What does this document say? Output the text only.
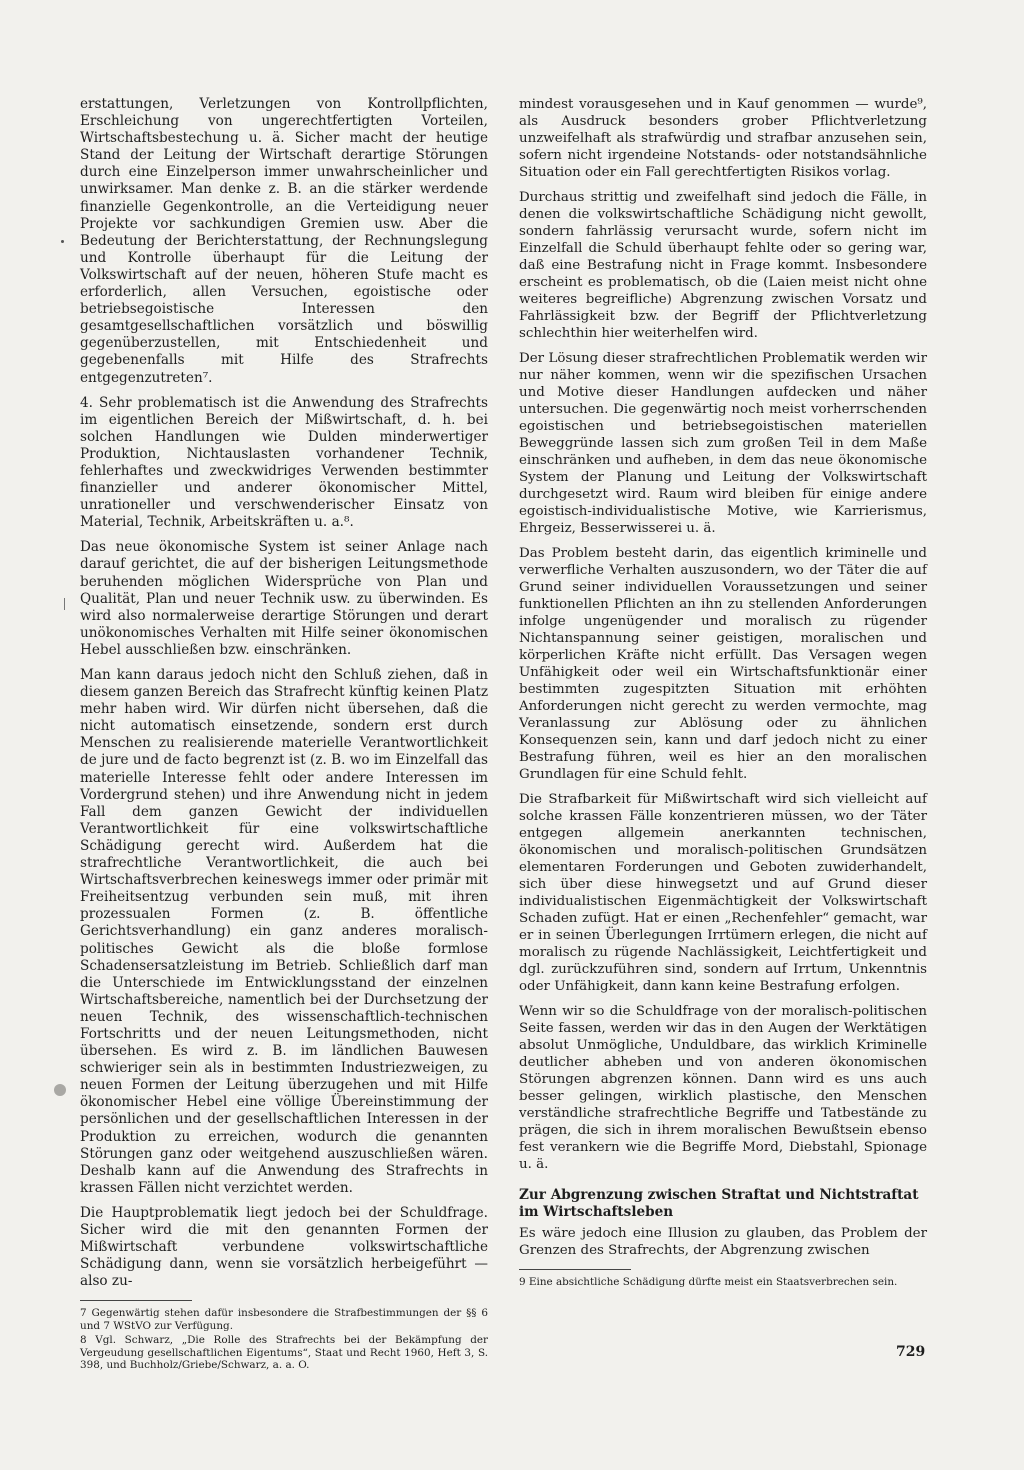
erstattungen, Verletzungen von Kontrollpflichten, Erschleichung von ungerechtfertigten Vorteilen, Wirtschaftsbestechung u. ä. Sicher macht der heutige Stand der Leitung der Wirtschaft derartige Störungen durch eine Einzelperson immer unwahrscheinlicher und unwirksamer. Man denke z. B. an die stärker werdende finanzielle Gegenkontrolle, an die Verteidigung neuer Projekte vor sachkundigen Gremien usw. Aber die Bedeutung der Berichterstattung, der Rechnungslegung und Kontrolle überhaupt für die Leitung der Volkswirtschaft auf der neuen, höheren Stufe macht es erforderlich, allen Versuchen, egoistische oder betriebsegoistische Interessen den gesamtgesellschaftlichen vorsätzlich und böswillig gegenüberzustellen, mit Entschiedenheit und gegebenenfalls mit Hilfe des Strafrechts entgegenzutreten⁷.

4. Sehr problematisch ist die Anwendung des Strafrechts im eigentlichen Bereich der Mißwirtschaft, d. h. bei solchen Handlungen wie Dulden minderwertiger Produktion, Nichtauslasten vorhandener Technik, fehlerhaftes und zweckwidriges Verwenden bestimmter finanzieller und anderer ökonomischer Mittel, unrationeller und verschwenderischer Einsatz von Material, Technik, Arbeitskräften u. a.⁸.

Das neue ökonomische System ist seiner Anlage nach darauf gerichtet, die auf der bisherigen Leitungsmethode beruhenden möglichen Widersprüche von Plan und Qualität, Plan und neuer Technik usw. zu überwinden. Es wird also normalerweise derartige Störungen und derart unökonomisches Verhalten mit Hilfe seiner ökonomischen Hebel ausschließen bzw. einschränken.

Man kann daraus jedoch nicht den Schluß ziehen, daß in diesem ganzen Bereich das Strafrecht künftig keinen Platz mehr haben wird. Wir dürfen nicht übersehen, daß die nicht automatisch einsetzende, sondern erst durch Menschen zu realisierende materielle Verantwortlichkeit de jure und de facto begrenzt ist (z. B. wo im Einzelfall das materielle Interesse fehlt oder andere Interessen im Vordergrund stehen) und ihre Anwendung nicht in jedem Fall dem ganzen Gewicht der individuellen Verantwortlichkeit für eine volkswirtschaftliche Schädigung gerecht wird. Außerdem hat die strafrechtliche Verantwortlichkeit, die auch bei Wirtschaftsverbrechen keineswegs immer oder primär mit Freiheitsentzug verbunden sein muß, mit ihren prozessualen Formen (z. B. öffentliche Gerichtsverhandlung) ein ganz anderes moralisch-politisches Gewicht als die bloße formlose Schadensersatzleistung im Betrieb. Schließlich darf man die Unterschiede im Entwicklungsstand der einzelnen Wirtschaftsbereiche, namentlich bei der Durchsetzung der neuen Technik, des wissenschaftlich-technischen Fortschritts und der neuen Leitungsmethoden, nicht übersehen. Es wird z. B. im ländlichen Bauwesen schwieriger sein als in bestimmten Industriezweigen, zu neuen Formen der Leitung überzugehen und mit Hilfe ökonomischer Hebel eine völlige Übereinstimmung der persönlichen und der gesellschaftlichen Interessen in der Produktion zu erreichen, wodurch die genannten Störungen ganz oder weitgehend auszuschließen wären. Deshalb kann auf die Anwendung des Strafrechts in krassen Fällen nicht verzichtet werden.

Die Hauptproblematik liegt jedoch bei der Schuldfrage. Sicher wird die mit den genannten Formen der Mißwirtschaft verbundene volkswirtschaftliche Schädigung dann, wenn sie vorsätzlich herbeigeführt — also zu-

7 Gegenwärtig stehen dafür insbesondere die Strafbestimmungen der §§ 6 und 7 WStVO zur Verfügung.

8 Vgl. Schwarz, „Die Rolle des Strafrechts bei der Bekämpfung der Vergeudung gesellschaftlichen Eigentums“, Staat und Recht 1960, Heft 3, S. 398, und Buchholz/Griebe/Schwarz, a. a. O.

mindest vorausgesehen und in Kauf genommen — wurde⁹, als Ausdruck besonders grober Pflichtverletzung unzweifelhaft als strafwürdig und strafbar anzusehen sein, sofern nicht irgendeine Notstands- oder notstandsähnliche Situation oder ein Fall gerechtfertigten Risikos vorlag.

Durchaus strittig und zweifelhaft sind jedoch die Fälle, in denen die volkswirtschaftliche Schädigung nicht gewollt, sondern fahrlässig verursacht wurde, sofern nicht im Einzelfall die Schuld überhaupt fehlte oder so gering war, daß eine Bestrafung nicht in Frage kommt. Insbesondere erscheint es problematisch, ob die (Laien meist nicht ohne weiteres begreifliche) Abgrenzung zwischen Vorsatz und Fahrlässigkeit bzw. der Begriff der Pflichtverletzung schlechthin hier weiterhelfen wird.

Der Lösung dieser strafrechtlichen Problematik werden wir nur näher kommen, wenn wir die spezifischen Ursachen und Motive dieser Handlungen aufdecken und näher untersuchen. Die gegenwärtig noch meist vorherrschenden egoistischen und betriebsegoistischen materiellen Beweggründe lassen sich zum großen Teil in dem Maße einschränken und aufheben, in dem das neue ökonomische System der Planung und Leitung der Volkswirtschaft durchgesetzt wird. Raum wird bleiben für einige andere egoistisch-individualistische Motive, wie Karrierismus, Ehrgeiz, Besserwisserei u. ä.

Das Problem besteht darin, das eigentlich kriminelle und verwerfliche Verhalten auszusondern, wo der Täter die auf Grund seiner individuellen Voraussetzungen und seiner funktionellen Pflichten an ihn zu stellenden Anforderungen infolge ungenügender und moralisch zu rügender Nichtanspannung seiner geistigen, moralischen und körperlichen Kräfte nicht erfüllt. Das Versagen wegen Unfähigkeit oder weil ein Wirtschaftsfunktionär einer bestimmten zugespitzten Situation mit erhöhten Anforderungen nicht gerecht zu werden vermochte, mag Veranlassung zur Ablösung oder zu ähnlichen Konsequenzen sein, kann und darf jedoch nicht zu einer Bestrafung führen, weil es hier an den moralischen Grundlagen für eine Schuld fehlt.

Die Strafbarkeit für Mißwirtschaft wird sich vielleicht auf solche krassen Fälle konzentrieren müssen, wo der Täter entgegen allgemein anerkannten technischen, ökonomischen und moralisch-politischen Grundsätzen elementaren Forderungen und Geboten zuwiderhandelt, sich über diese hinwegsetzt und auf Grund dieser individualistischen Eigenmächtigkeit der Volkswirtschaft Schaden zufügt. Hat er einen „Rechenfehler“ gemacht, war er in seinen Überlegungen Irrtümern erlegen, die nicht auf moralisch zu rügende Nachlässigkeit, Leichtfertigkeit und dgl. zurückzuführen sind, sondern auf Irrtum, Unkenntnis oder Unfähigkeit, dann kann keine Bestrafung erfolgen.

Wenn wir so die Schuldfrage von der moralisch-politischen Seite fassen, werden wir das in den Augen der Werktätigen absolut Unmögliche, Unduldbare, das wirklich Kriminelle deutlicher abheben und von anderen ökonomischen Störungen abgrenzen können. Dann wird es uns auch besser gelingen, wirklich plastische, den Menschen verständliche strafrechtliche Begriffe und Tatbestände zu prägen, die sich in ihrem moralischen Bewußtsein ebenso fest verankern wie die Begriffe Mord, Diebstahl, Spionage u. ä.

Zur Abgrenzung zwischen Straftat und Nichtstraftat im Wirtschaftsleben

Es wäre jedoch eine Illusion zu glauben, das Problem der Grenzen des Strafrechts, der Abgrenzung zwischen

9 Eine absichtliche Schädigung dürfte meist ein Staatsverbrechen sein.

729
